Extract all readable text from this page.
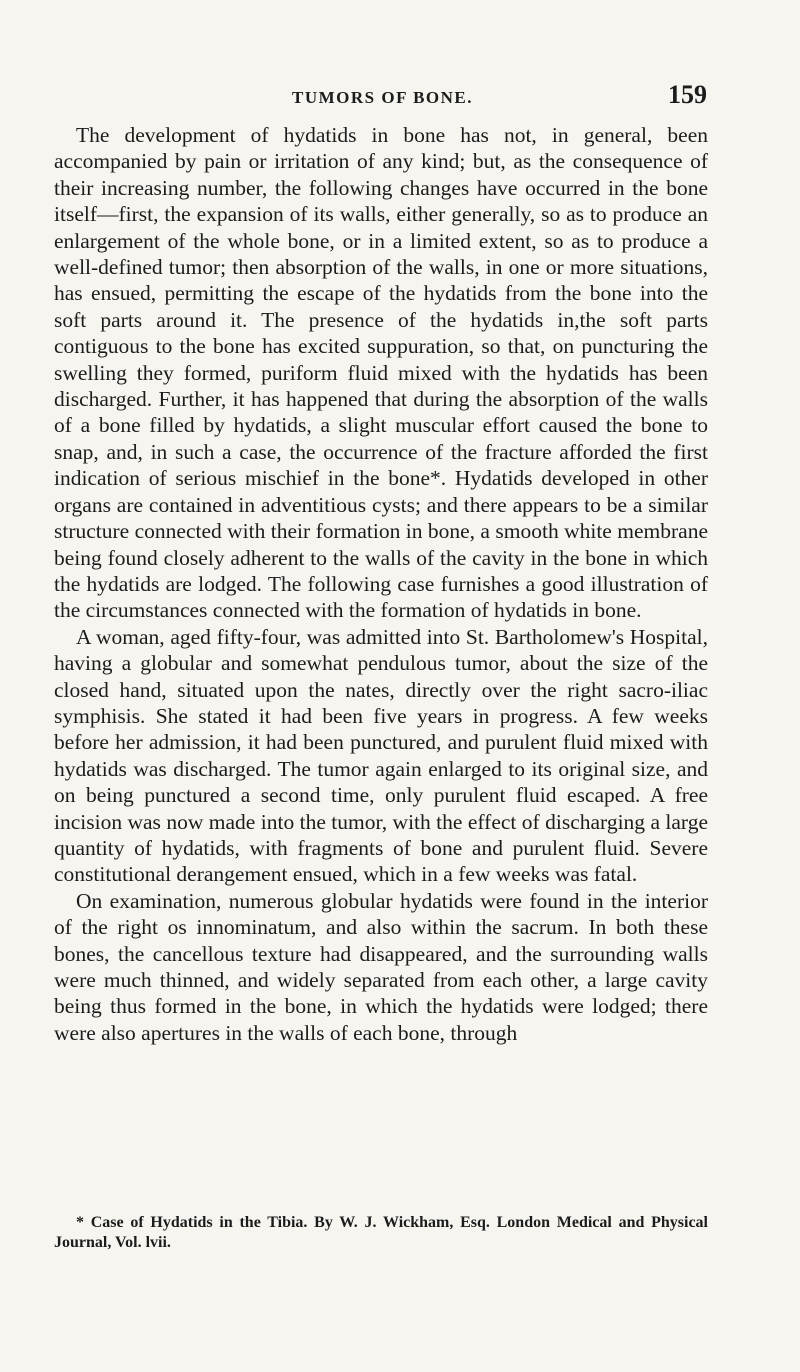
TUMORS OF BONE.	159

The development of hydatids in bone has not, in general, been accompanied by pain or irritation of any kind; but, as the consequence of their increasing number, the following changes have occurred in the bone itself—first, the expansion of its walls, either generally, so as to produce an enlargement of the whole bone, or in a limited extent, so as to produce a well-defined tumor; then absorption of the walls, in one or more situations, has ensued, permitting the escape of the hydatids from the bone into the soft parts around it. The presence of the hydatids in,the soft parts contiguous to the bone has excited suppuration, so that, on puncturing the swelling they formed, puriform fluid mixed with the hydatids has been discharged. Further, it has happened that during the absorption of the walls of a bone filled by hydatids, a slight muscular effort caused the bone to snap, and, in such a case, the occurrence of the fracture afforded the first indication of serious mischief in the bone*. Hydatids developed in other organs are contained in adventitious cysts; and there appears to be a similar structure connected with their formation in bone, a smooth white membrane being found closely adherent to the walls of the cavity in the bone in which the hydatids are lodged. The following case furnishes a good illustration of the circumstances connected with the formation of hydatids in bone.

A woman, aged fifty-four, was admitted into St. Bartholomew's Hospital, having a globular and somewhat pendulous tumor, about the size of the closed hand, situated upon the nates, directly over the right sacro-iliac symphisis. She stated it had been five years in progress. A few weeks before her admission, it had been punctured, and purulent fluid mixed with hydatids was discharged. The tumor again enlarged to its original size, and on being punctured a second time, only purulent fluid escaped. A free incision was now made into the tumor, with the effect of discharging a large quantity of hydatids, with fragments of bone and purulent fluid. Severe constitutional derangement ensued, which in a few weeks was fatal.

On examination, numerous globular hydatids were found in the interior of the right os innominatum, and also within the sacrum. In both these bones, the cancellous texture had disappeared, and the surrounding walls were much thinned, and widely separated from each other, a large cavity being thus formed in the bone, in which the hydatids were lodged; there were also apertures in the walls of each bone, through

* Case of Hydatids in the Tibia. By W. J. Wickham, Esq. London Medical and Physical Journal, Vol. lvii.
